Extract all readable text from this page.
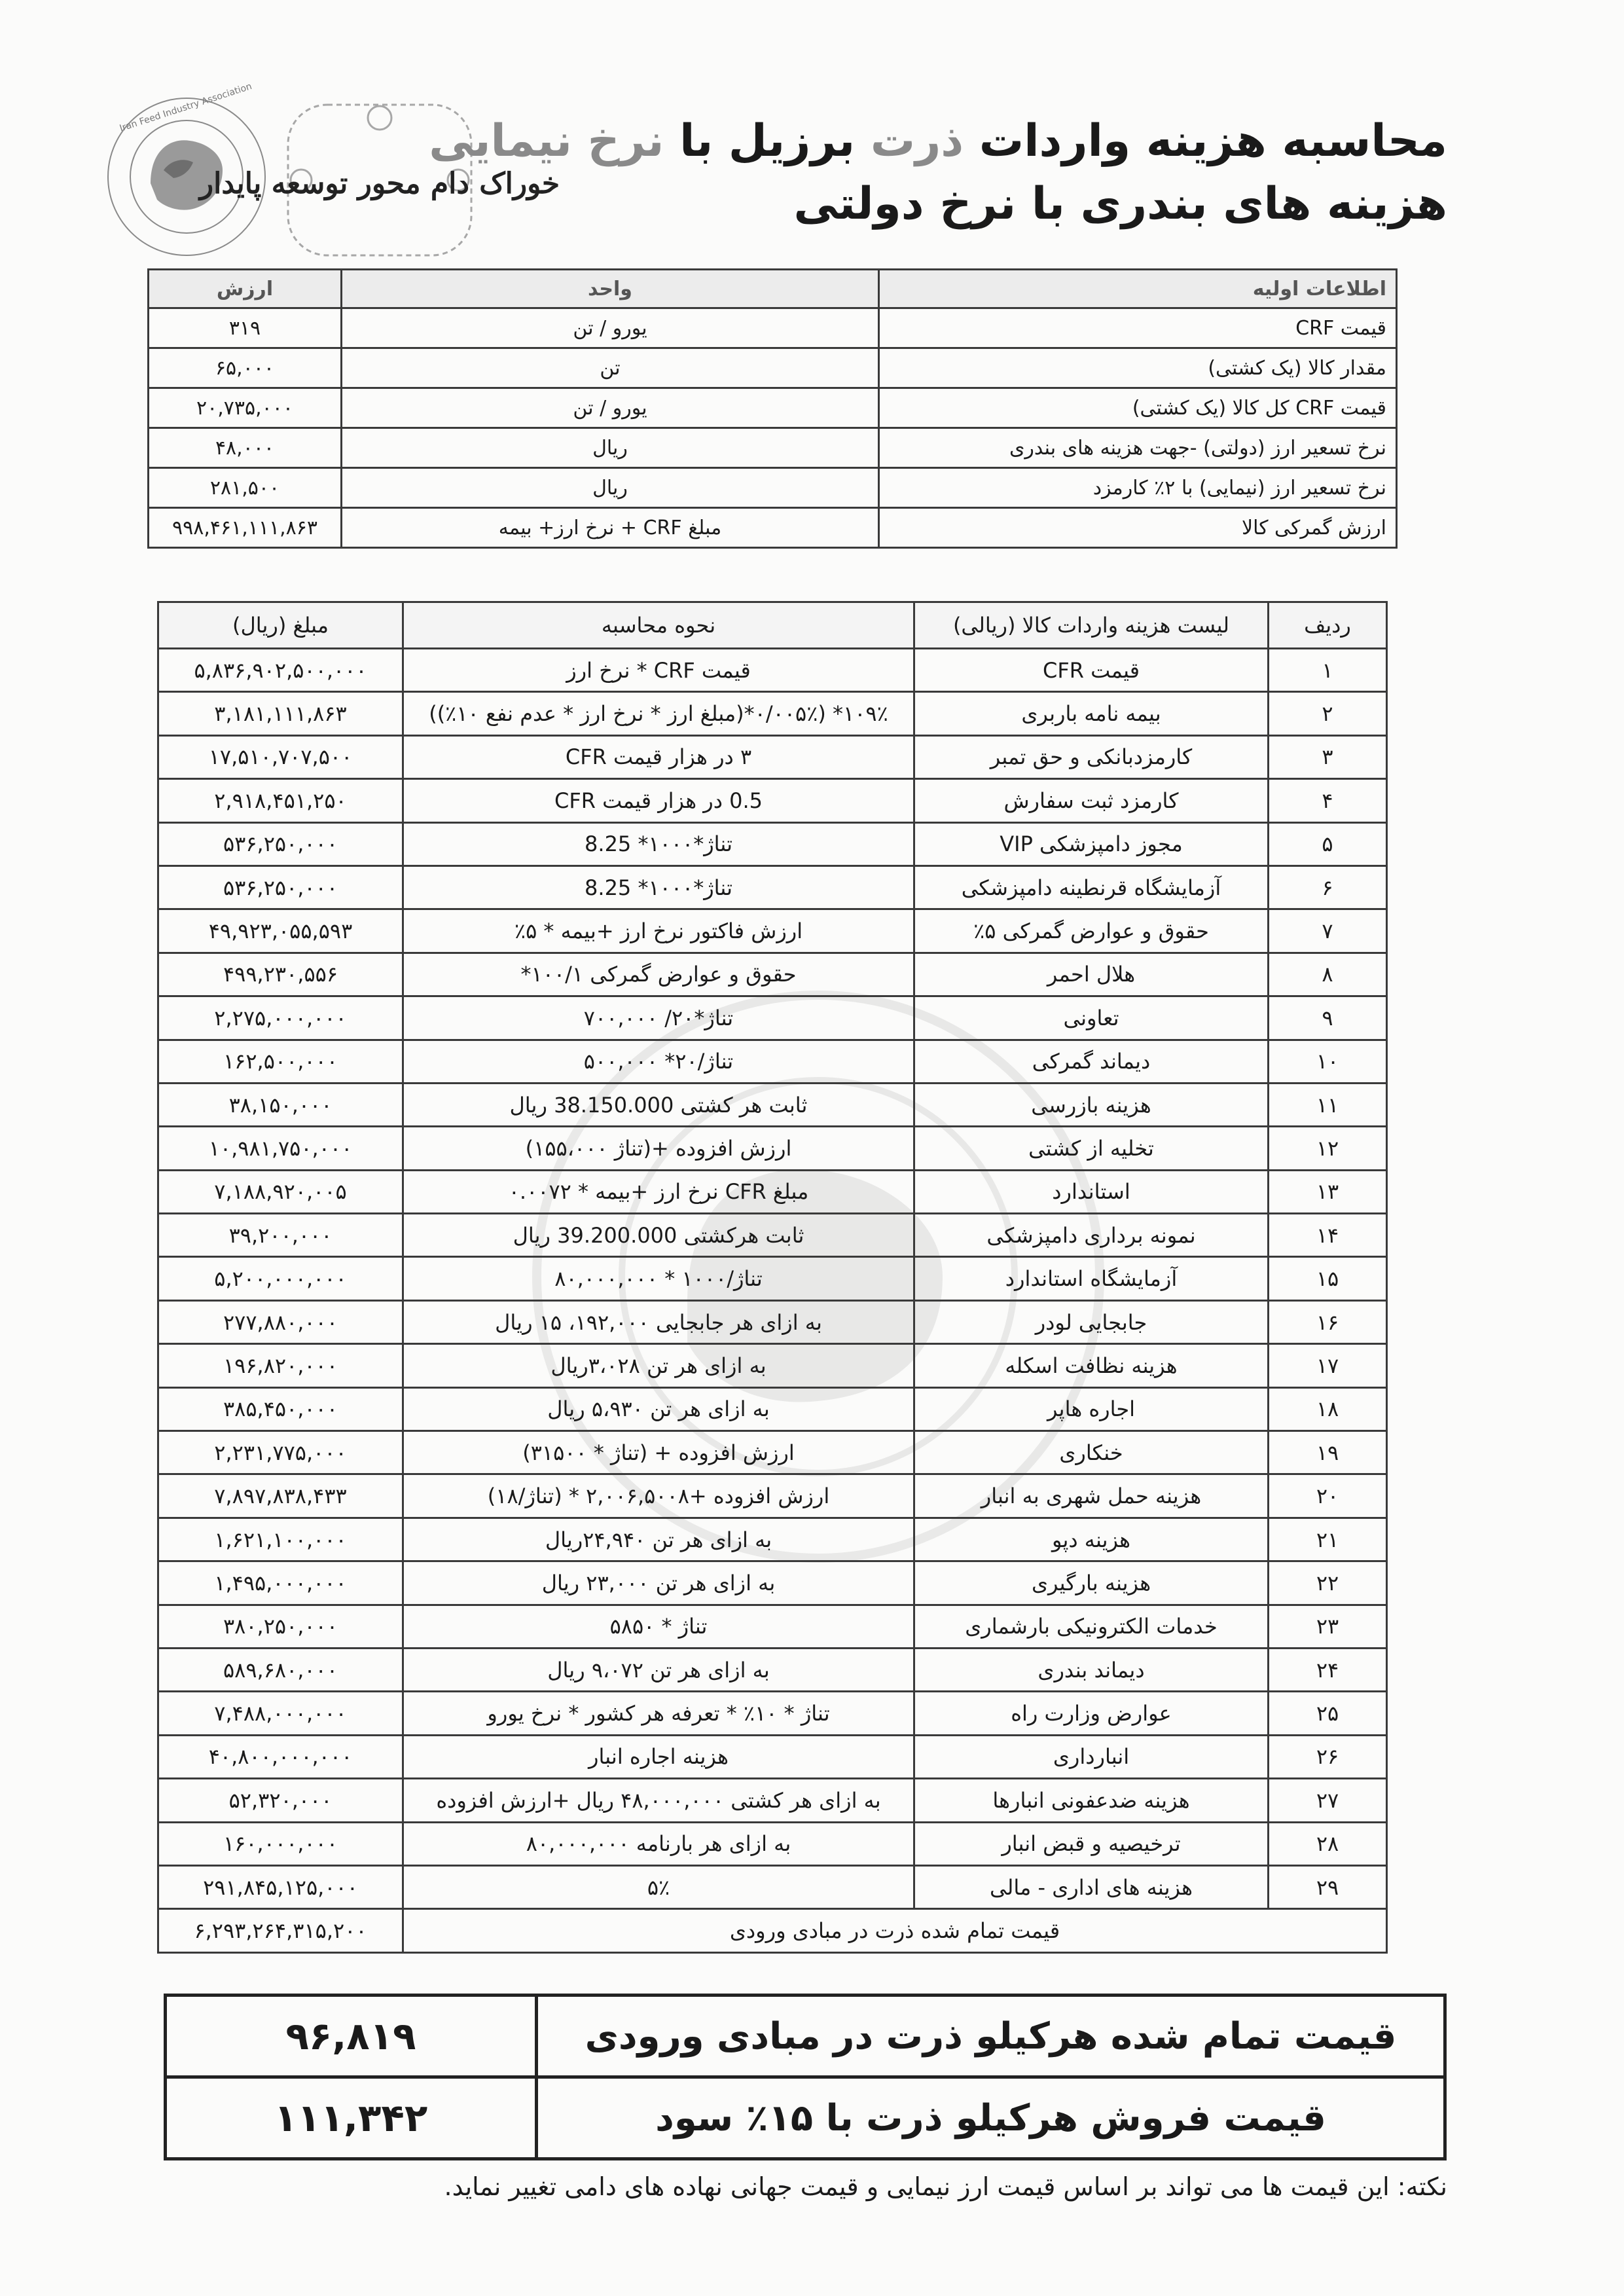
Iran Feed Industry Association
خوراک دام محور توسعه پایدار
محاسبه هزینه واردات ذرت برزیل با نرخ نیمایی
هزینه های بندری با نرخ دولتی
اطلاعات اولیه	واحد	ارزش
قیمت CRF	یورو / تن	۳۱۹
مقدار کالا (یک کشتی)	تن	۶۵,۰۰۰
قیمت CRF کل کالا (یک کشتی)	یورو / تن	۲۰,۷۳۵,۰۰۰
نرخ تسعیر ارز (دولتی) -جهت هزینه های بندری	ریال	۴۸,۰۰۰
نرخ تسعیر ارز (نیمایی) با ۲٪ کارمزد	ریال	۲۸۱,۵۰۰
ارزش گمرکی کالا	مبلغ CRF + نرخ ارز+ بیمه	۹۹۸,۴۶۱,۱۱۱,۸۶۳
ردیف	لیست هزینه واردات کالا (ریالی)	نحوه محاسبه	مبلغ (ریال)
۱	قیمت CFR	قیمت CRF * نرخ ارز	۵,۸۳۶,۹۰۲,۵۰۰,۰۰۰
۲	بیمه نامه باربری	۱۰۹٪* (۰/۰۰۵٪*(مبلغ ارز * نرخ ارز * عدم نفع ۱۰٪))	۳,۱۸۱,۱۱۱,۸۶۳
۳	کارمزدبانکی و حق تمبر	۳ در هزار قیمت CFR	۱۷,۵۱۰,۷۰۷,۵۰۰
۴	کارمزد ثبت سفارش	0.5 در هزار قیمت CFR	۲,۹۱۸,۴۵۱,۲۵۰
۵	مجوز دامپزشکی VIP	تناژ*۱۰۰۰* 8.25	۵۳۶,۲۵۰,۰۰۰
۶	آزمایشگاه قرنطینه دامپزشکی	تناژ*۱۰۰۰* 8.25	۵۳۶,۲۵۰,۰۰۰
۷	حقوق و عوارض گمرکی ۵٪	ارزش فاکتور نرخ ارز +بیمه * ۵٪	۴۹,۹۲۳,۰۵۵,۵۹۳
۸	هلال احمر	حقوق و عوارض گمرکی ۱۰۰/۱*	۴۹۹,۲۳۰,۵۵۶
۹	تعاونی	تناژ*۲۰/ ۷۰۰,۰۰۰	۲,۲۷۵,۰۰۰,۰۰۰
۱۰	دیماند گمرکی	تناژ/۲۰* ۵۰۰,۰۰۰	۱۶۲,۵۰۰,۰۰۰
۱۱	هزینه بازرسی	ثابت هر کشتی 38.150.000 ریال	۳۸,۱۵۰,۰۰۰
۱۲	تخلیه از کشتی	ارزش افزوده +(تناژ ۱۵۵،۰۰۰)	۱۰,۹۸۱,۷۵۰,۰۰۰
۱۳	استاندارد	مبلغ CFR نرخ ارز +بیمه * ۰.۰۰۷۲	۷,۱۸۸,۹۲۰,۰۰۵
۱۴	نمونه برداری دامپزشکی	ثابت هرکشتی 39.200.000 ریال	۳۹,۲۰۰,۰۰۰
۱۵	آزمایشگاه استاندارد	تناژ/۱۰۰۰ * ۸۰,۰۰۰,۰۰۰	۵,۲۰۰,۰۰۰,۰۰۰
۱۶	جابجایی لودر	به ازای هر جابجایی ۱۹۲,۰۰۰، ۱۵ ریال	۲۷۷,۸۸۰,۰۰۰
۱۷	هزینه نظافت اسکله	به ازای هر تن ۳،۰۲۸ریال	۱۹۶,۸۲۰,۰۰۰
۱۸	اجاره هاپر	به ازای هر تن ۵،۹۳۰ ریال	۳۸۵,۴۵۰,۰۰۰
۱۹	خنکاری	ارزش افزوده + (تناژ * ۳۱۵۰۰)	۲,۲۳۱,۷۷۵,۰۰۰
۲۰	هزینه حمل شهری به انبار	ارزش افزوده +۲,۰۰۶,۵۰۰۸ * (تناژ/۱۸)	۷,۸۹۷,۸۳۸,۴۳۳
۲۱	هزینه دپو	به ازای هر تن ۲۴,۹۴۰ریال	۱,۶۲۱,۱۰۰,۰۰۰
۲۲	هزینه بارگیری	به ازای هر تن ۲۳,۰۰۰ ریال	۱,۴۹۵,۰۰۰,۰۰۰
۲۳	خدمات الکترونیکی بارشماری	تناژ * ۵۸۵۰	۳۸۰,۲۵۰,۰۰۰
۲۴	دیماند بندری	به ازای هر تن ۹،۰۷۲ ریال	۵۸۹,۶۸۰,۰۰۰
۲۵	عوارض وزارت راه	تناژ * ۱۰٪ * تعرفه هر کشور * نرخ یورو	۷,۴۸۸,۰۰۰,۰۰۰
۲۶	انبارداری	هزینه اجاره انبار	۴۰,۸۰۰,۰۰۰,۰۰۰
۲۷	هزینه ضدعفونی انبارها	به ازای هر کشتی ۴۸,۰۰۰,۰۰۰ ریال +ارزش افزوده	۵۲,۳۲۰,۰۰۰
۲۸	ترخیصیه و قبض انبار	به ازای هر بارنامه ۸۰,۰۰۰,۰۰۰	۱۶۰,۰۰۰,۰۰۰
۲۹	هزینه های اداری - مالی	۵٪	۲۹۱,۸۴۵,۱۲۵,۰۰۰
قیمت تمام شده ذرت در مبادی ورودی			۶,۲۹۳,۲۶۴,۳۱۵,۲۰۰
قیمت تمام شده هرکیلو ذرت در مبادی ورودی	۹۶,۸۱۹
قیمت فروش هرکیلو ذرت با ۱۵٪ سود	۱۱۱,۳۴۲
نکته: این قیمت ها می تواند بر اساس قیمت ارز نیمایی و قیمت جهانی نهاده های دامی تغییر نماید.
